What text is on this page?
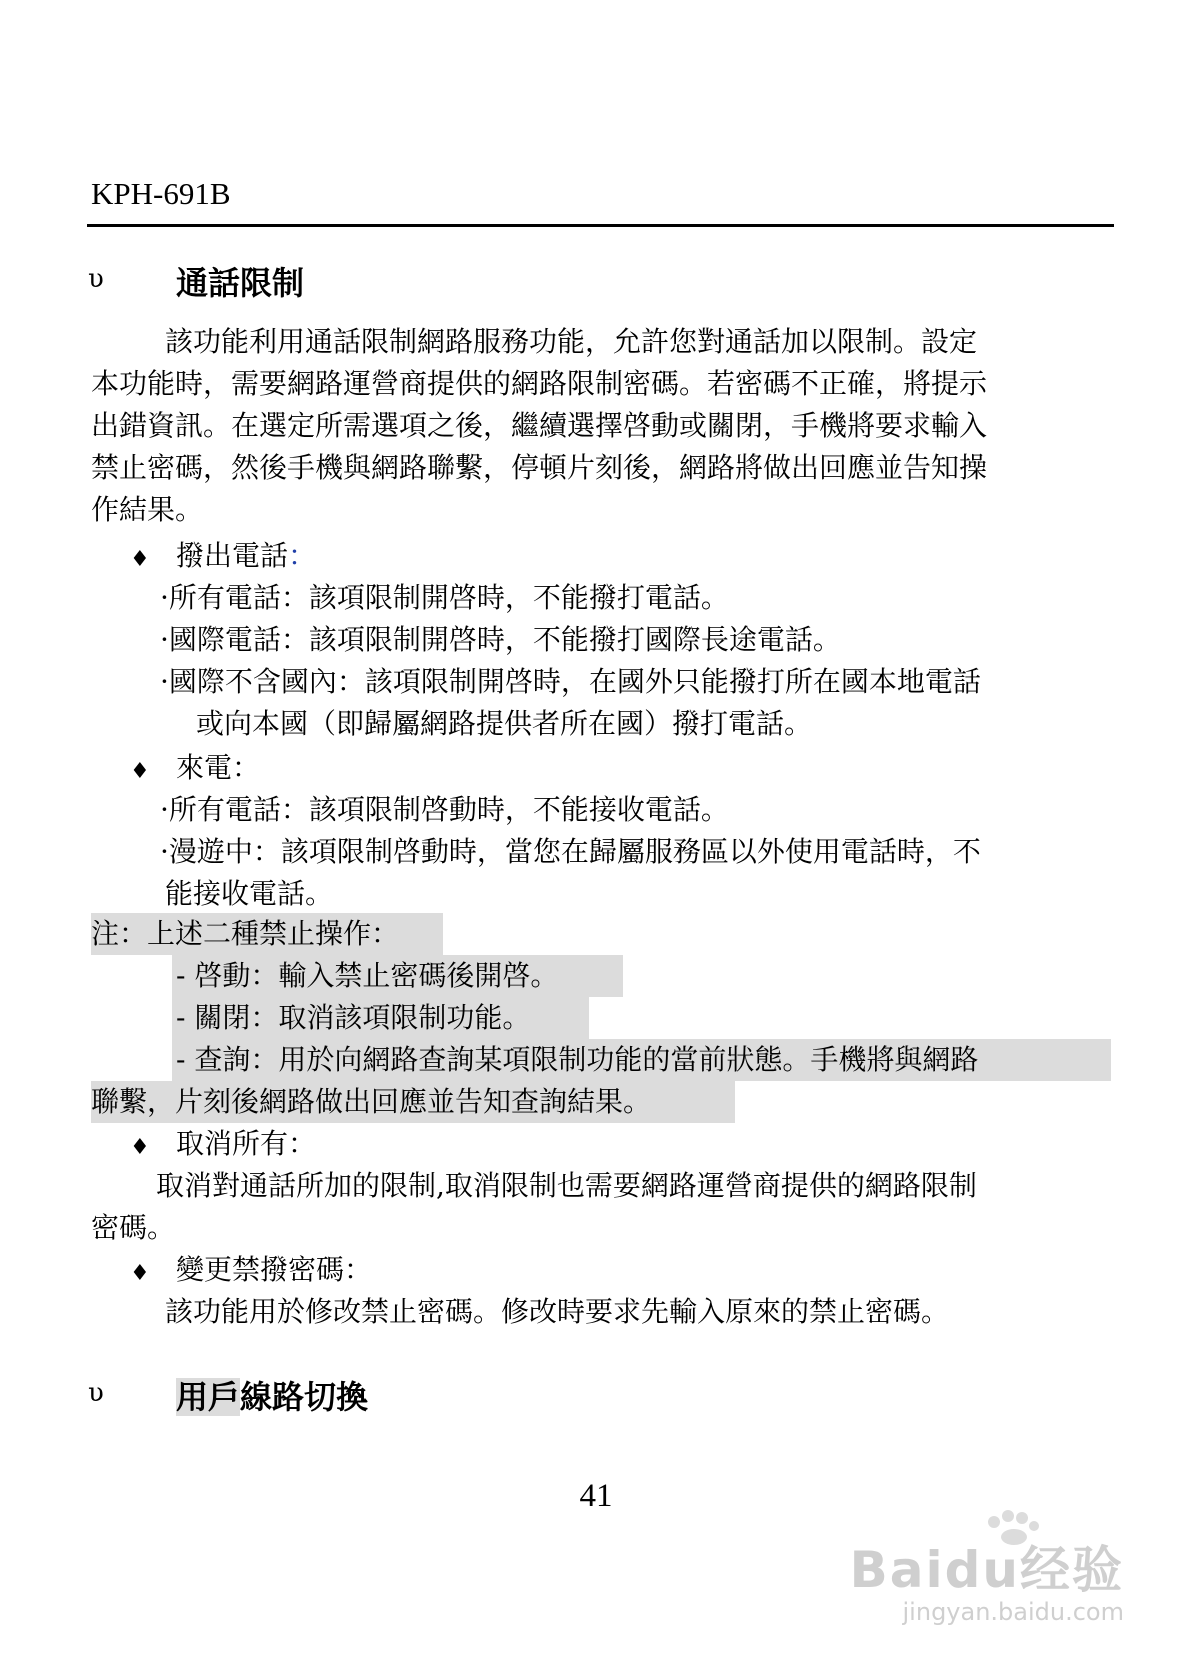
KPH-691B
υ 通話限制
該功能利用通話限制網路服務功能，允許您對通話加以限制。設定
本功能時，需要網路運營商提供的網路限制密碼。若密碼不正確，將提示
出錯資訊。在選定所需選項之後，繼續選擇啓動或關閉，手機將要求輸入
禁止密碼，然後手機與網路聯繫，停頓片刻後，網路將做出回應並告知操
作結果。
♦ 撥出電話：
·所有電話：該項限制開啓時，不能撥打電話。
·國際電話：該項限制開啓時，不能撥打國際長途電話。
·國際不含國內：該項限制開啓時，在國外只能撥打所在國本地電話
或向本國（即歸屬網路提供者所在國）撥打電話。
♦ 來電：
·所有電話：該項限制啓動時，不能接收電話。
·漫遊中：該項限制啓動時，當您在歸屬服務區以外使用電話時，不
能接收電話。
注：上述二種禁止操作：
- 啓動：輸入禁止密碼後開啓。
- 關閉：取消該項限制功能。
- 查詢：用於向網路查詢某項限制功能的當前狀態。手機將與網路
聯繫，片刻後網路做出回應並告知查詢結果。
♦ 取消所有：
取消對通話所加的限制,取消限制也需要網路運營商提供的網路限制
密碼。
♦ 變更禁撥密碼：
該功能用於修改禁止密碼。修改時要求先輸入原來的禁止密碼。
υ 用戶線路切換
41
Baidu经验
jingyan.baidu.com
